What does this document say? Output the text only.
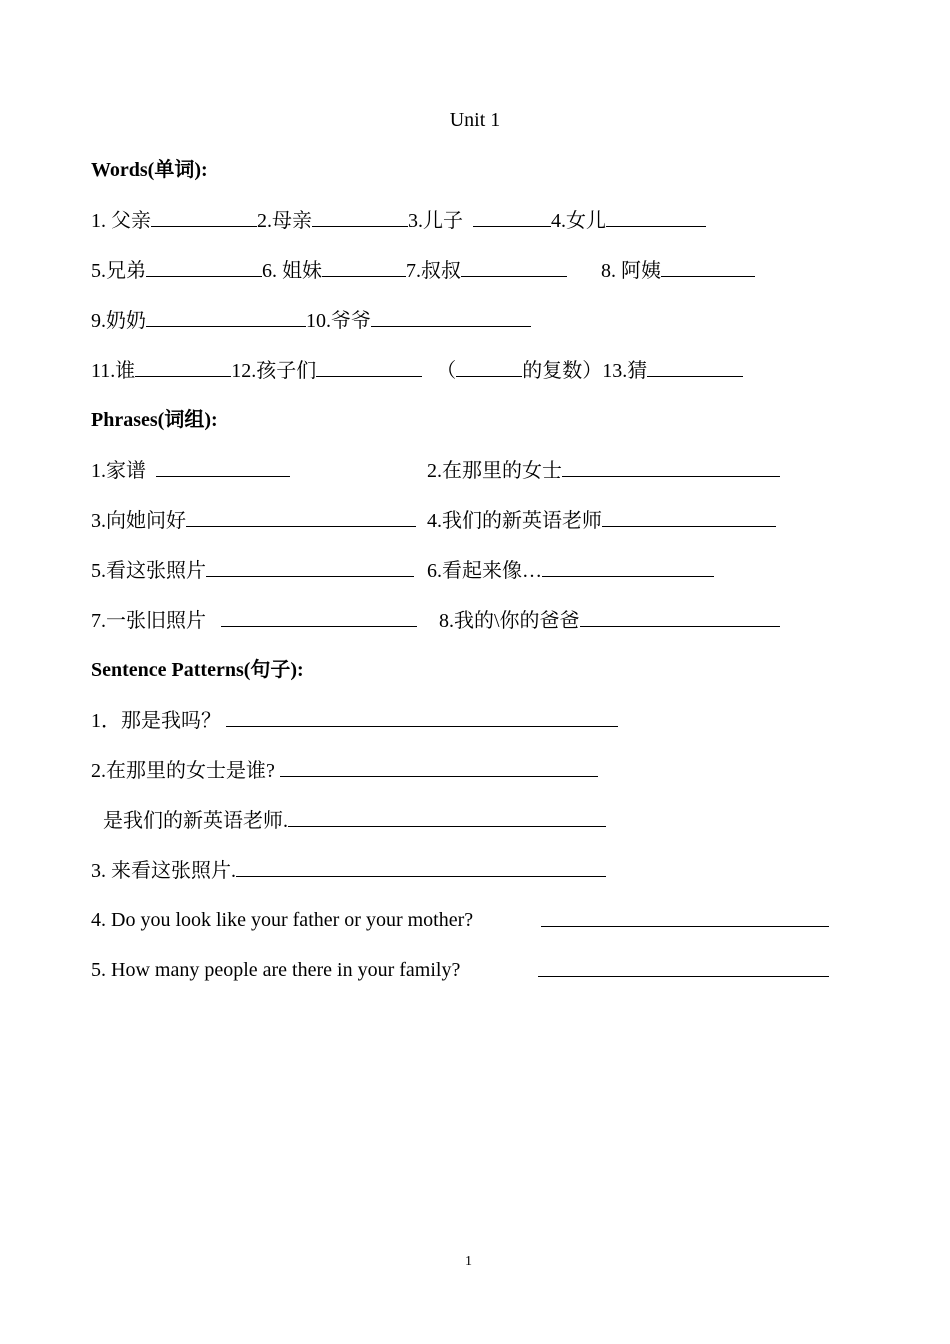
Unit 1
Words(单词):
1. 父亲	2.母亲	3.儿子	4.女儿
5.兄弟	6. 姐妹	7.叔叔	8. 阿姨
9.奶奶	10.爷爷
11.谁	12.孩子们	（	的复数）13.猜
Phrases(词组):
1.家谱	2.在那里的女士
3.向她问好	4.我们的新英语老师
5.看这张照片	6.看起来像…
7.一张旧照片	8.我的\你的爸爸
Sentence Patterns(句子):
1．那是我吗？
2.在那里的女士是谁?
是我们的新英语老师.
3. 来看这张照片.
4. Do you look like your father or your mother?
5. How many people are there in your family?
1
